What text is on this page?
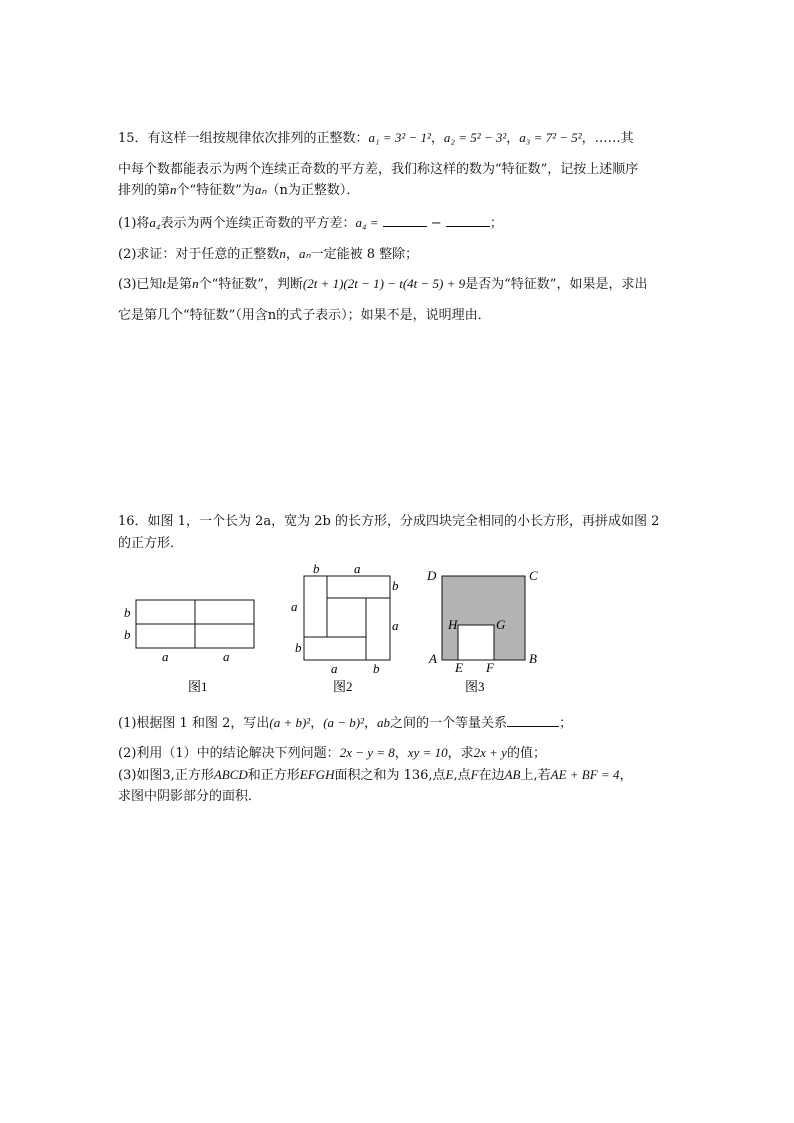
15．有这样一组按规律依次排列的正整数：a₁ = 3² − 1²，a₂ = 5² − 3²，a₃ = 7² − 5²，……其
中每个数都能表示为两个连续正奇数的平方差，我们称这样的数为“特征数”，记按上述顺序
排列的第n个“特征数”为aₙ（n为正整数）．
(1)将a₄表示为两个连续正奇数的平方差：a₄ =	−	；
(2)求证：对于任意的正整数n，aₙ一定能被 8 整除；
(3)已知t是第n个“特征数”，判断(2t + 1)(2t − 1) − t(4t − 5) + 9是否为“特征数”，如果是，求出
它是第几个“特征数”（用含n的式子表示）；如果不是，说明理由．
16．如图 1，一个长为 2a，宽为 2b 的长方形，分成四块完全相同的小长方形，再拼成如图 2
的正方形．
b
b
a	a
图1
b	a
b
a
a
b
a	b
图2
D	C
A	B
H	G
E F
图3
(1)根据图 1 和图 2，写出(a + b)²，(a − b)²，ab之间的一个等量关系	；
(2)利用（1）中的结论解决下列问题：2x − y = 8，xy = 10，求2x + y的值；
(3)如图3,正方形ABCD和正方形EFGH面积之和为 136,点E,点F在边AB上,若AE + BF = 4，
求图中阴影部分的面积．
